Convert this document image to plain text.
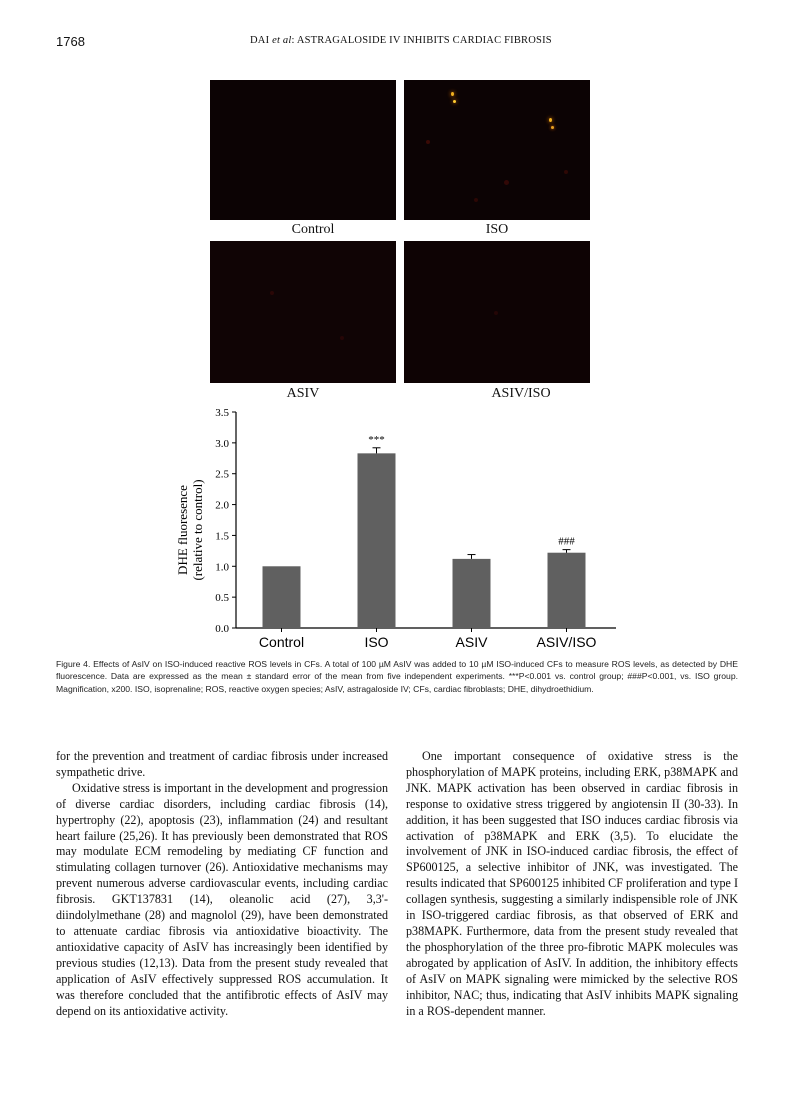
1768	DAI et al: ASTRAGALOSIDE IV INHIBITS CARDIAC FIBROSIS
Control	ISO
ASIV	ASIV/ISO
0.0
0.5
1.0
1.5
2.0
2.5
3.0
3.5
DHE fluoresence (relative to control)
Control
***
ISO	ASIV
###
ASIV/ISO
Figure 4. Effects of AsIV on ISO-induced reactive ROS levels in CFs. A total of 100 µM AsIV was added to 10 µM ISO-induced CFs to measure ROS levels, as detected by DHE fluorescence. Data are expressed as the mean ± standard error of the mean from five independent experiments. ***P<0.001 vs. control group; ###P<0.001, vs. ISO group. Magnification, x200. ISO, isoprenaline; ROS, reactive oxygen species; AsIV, astragaloside IV; CFs, cardiac fibroblasts; DHE, dihydroethidium.

for the prevention and treatment of cardiac fibrosis under increased sympathetic drive.

Oxidative stress is important in the development and progression of diverse cardiac disorders, including cardiac fibrosis (14), hypertrophy (22), apoptosis (23), inflammation (24) and resultant heart failure (25,26). It has previously been demonstrated that ROS may modulate ECM remodeling by mediating CF function and stimulating collagen turnover (26). Antioxidative mechanisms may prevent numerous adverse cardiovascular events, including cardiac fibrosis. GKT137831 (14), oleanolic acid (27), 3,3'-diindolylmethane (28) and magnolol (29), have been demonstrated to attenuate cardiac fibrosis via antioxidative bioactivity. The antioxidative capacity of AsIV has increasingly been identified by previous studies (12,13). Data from the present study revealed that application of AsIV effectively suppressed ROS accumulation. It was therefore concluded that the antifibrotic effects of AsIV may depend on its antioxidative activity.

One important consequence of oxidative stress is the phosphorylation of MAPK proteins, including ERK, p38MAPK and JNK. MAPK activation has been observed in cardiac fibrosis in response to oxidative stress triggered by angiotensin II (30-33). In addition, it has been suggested that ISO induces cardiac fibrosis via activation of p38MAPK and ERK (3,5). To elucidate the involvement of JNK in ISO-induced cardiac fibrosis, the effect of SP600125, a selective inhibitor of JNK, was investigated. The results indicated that SP600125 inhibited CF proliferation and type I collagen synthesis, suggesting a similarly indispensible role of JNK in ISO-triggered cardiac fibrosis, as that observed of ERK and p38MAPK. Furthermore, data from the present study revealed that the phosphorylation of the three pro-fibrotic MAPK molecules was abrogated by application of AsIV. In addition, the inhibitory effects of AsIV on MAPK signaling were mimicked by the selective ROS inhibitor, NAC; thus, indicating that AsIV inhibits MAPK signaling in a ROS-dependent manner.
